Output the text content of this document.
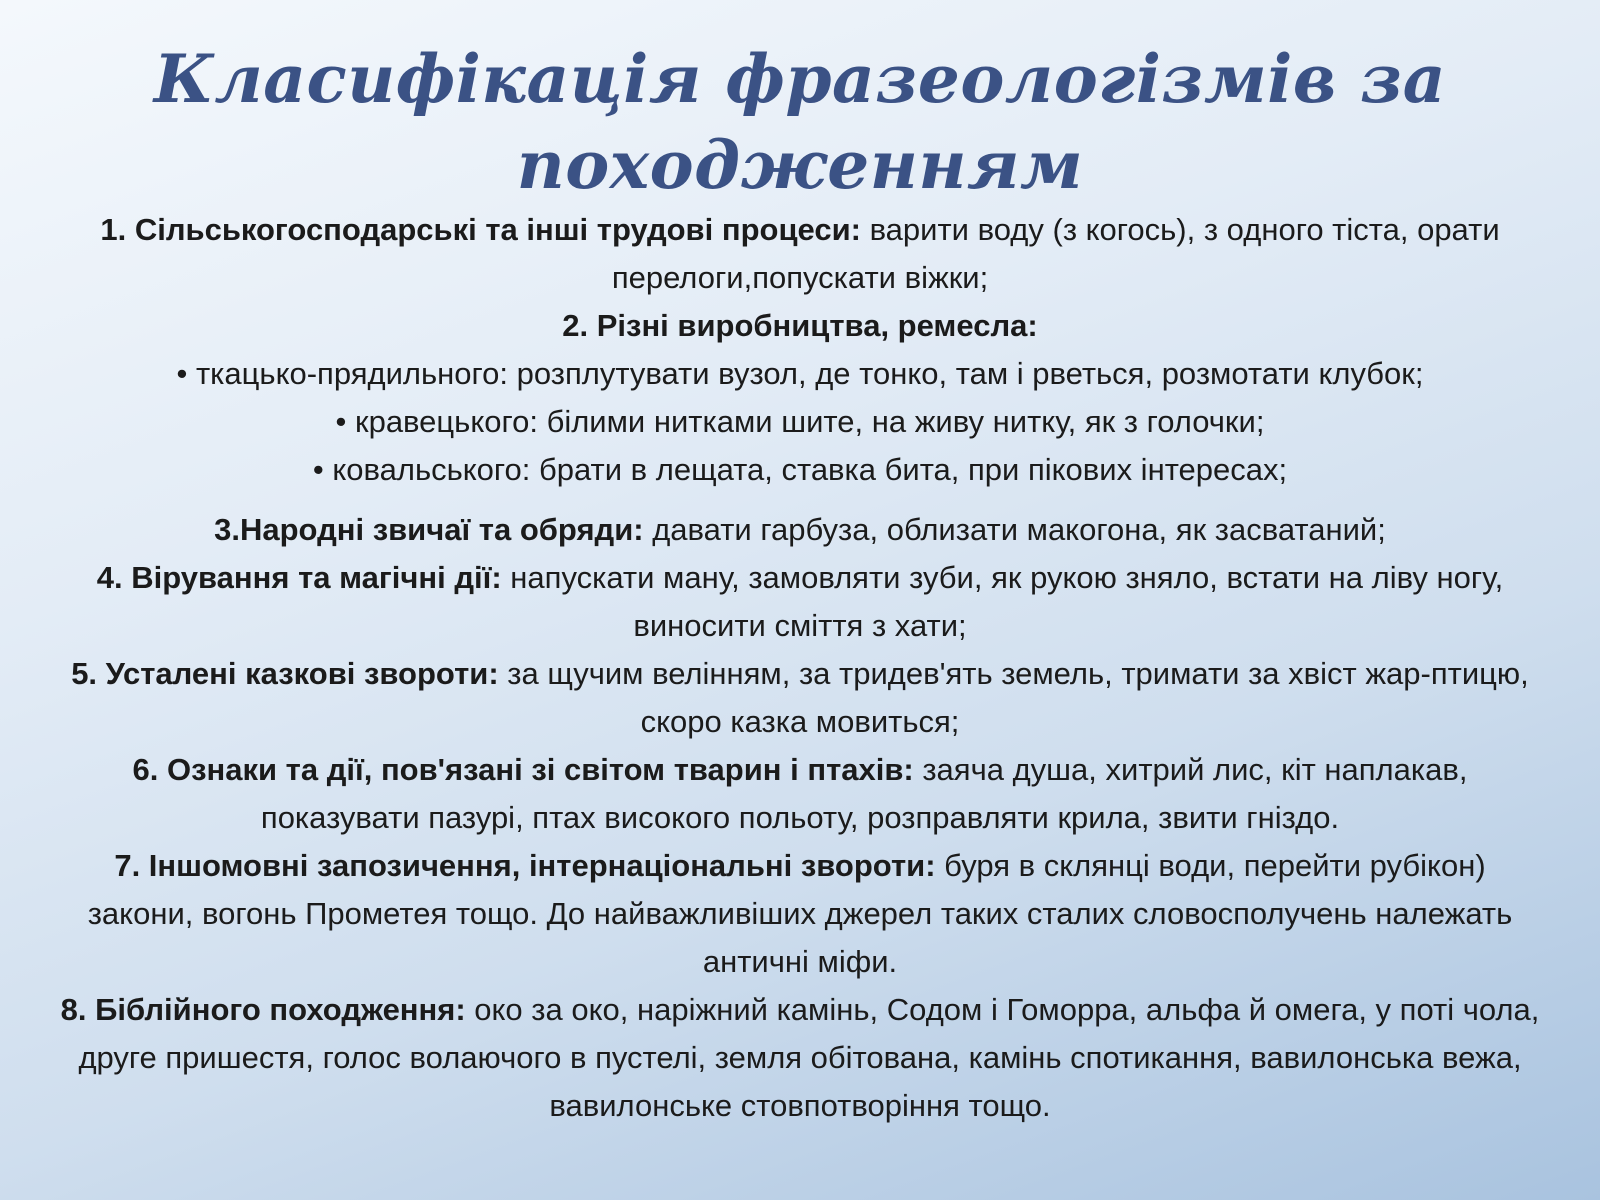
Класифікація фразеологізмів за походженням

1. Сільськогосподарські та інші трудові процеси: варити воду (з когось), з одного тіста, орати перелоги,попускати віжки;

2. Різні виробництва, ремесла:

• ткацько-прядильного: розплутувати вузол, де тонко, там і рветься, розмотати клубок;

• кравецького: білими нитками шите, на живу нитку, як з голочки;

• ковальського: брати в лещата, ставка бита, при пікових інтересах;

3.Народні звичаї та обряди: давати гарбуза, облизати макогона, як засватаний;

4. Вірування та магічні дії: напускати ману, замовляти зуби, як рукою зняло, встати на ліву ногу, виносити сміття з хати;

5. Усталені казкові звороти: за щучим велінням, за тридев'ять земель, тримати за хвіст жар-птицю, скоро казка мовиться;

6. Ознаки та дії, пов'язані зі світом тварин і птахів: заяча душа, хитрий лис, кіт наплакав, показувати пазурі, птах високого польоту, розправляти крила, звити гніздо.

7. Іншомовні запозичення, інтернаціональні звороти: буря в склянці води, перейти рубікон) закони, вогонь Прометея тощо. До найважливіших джерел таких сталих словосполучень належать античні міфи.

8. Біблійного походження: око за око, наріжний камінь, Содом і Гоморра, альфа й омега, у поті чола, друге пришестя, голос волаючого в пустелі, земля обітована, камінь спотикання, вавилонська вежа, вавилонське стовпотворіння тощо.
